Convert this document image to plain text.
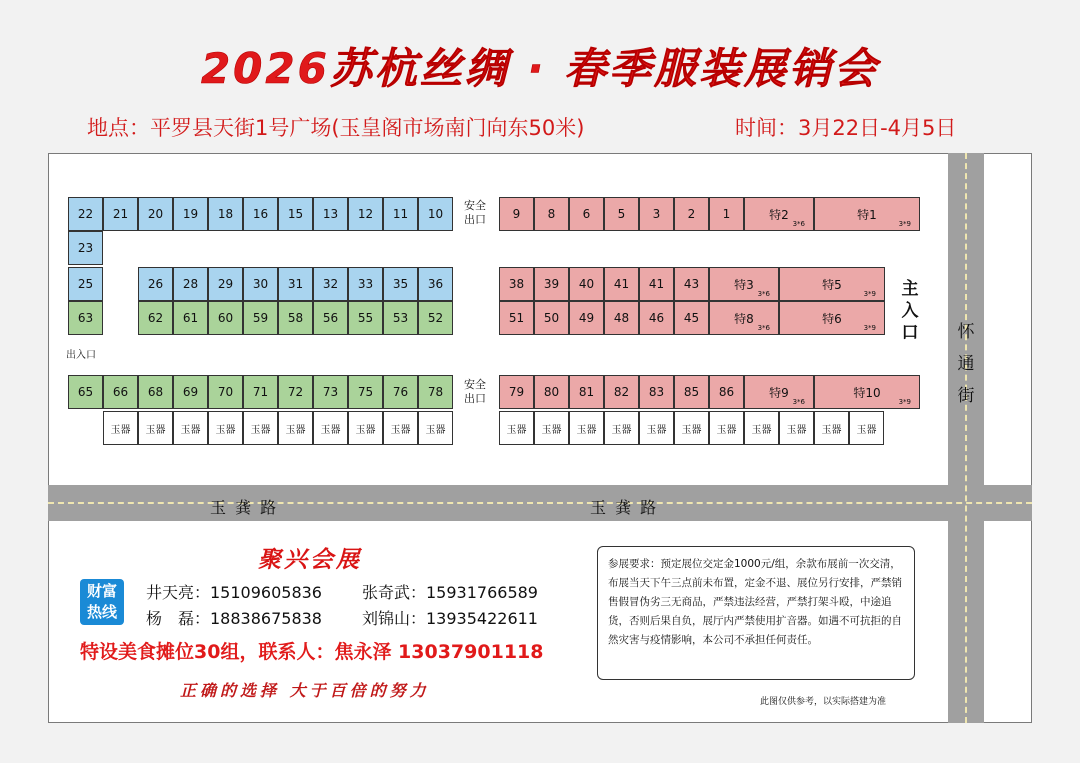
2026苏杭丝绸 · 春季服装展销会
地点：平罗县天街1号广场(玉皇阁市场南门向东50米)	时间：3月22日-4月5日
玉 龚 路	玉 龚 路
怀
通
街
安全出口
安全出口
出入口
主
入
口
22	21	20	19	18	16	15	13	12	11	10
23
25	26	28	29	30	31	32	33	35	36
63	62	61	60	59	58	56	55	53	52
65	66	68	69	70	71	72	73	75	76	78
玉器	玉器	玉器	玉器	玉器	玉器	玉器	玉器	玉器	玉器
9	8	6	5	3	2	1	特2
3*6
特1
3*9
38	39	40	41	41	43	特3
3*6
特5
3*9
51	50	49	48	46	45	特8
3*6
特6
3*9
79	80	81	82	83	85	86	特9
3*6
特10
3*9
玉器	玉器	玉器	玉器	玉器	玉器	玉器	玉器	玉器	玉器	玉器
聚兴会展
财富
热线
井天亮：15109605836	张奇武：15931766589
杨　磊：18838675838	刘锦山：13935422611
特设美食摊位30组，联系人：焦永泽 13037901118
正确的选择 大于百倍的努力
参展要求：预定展位交定金1000元/组，余款布展前一次交清，布展当天下午三点前未布置，定金不退、展位另行安排，严禁销售假冒伪劣三无商品，严禁违法经营，严禁打架斗殴，中途追货，否则后果自负，展厅内严禁使用扩音器。如遇不可抗拒的自然灾害与疫情影响，本公司不承担任何责任。
此图仅供参考，以实际搭建为准
